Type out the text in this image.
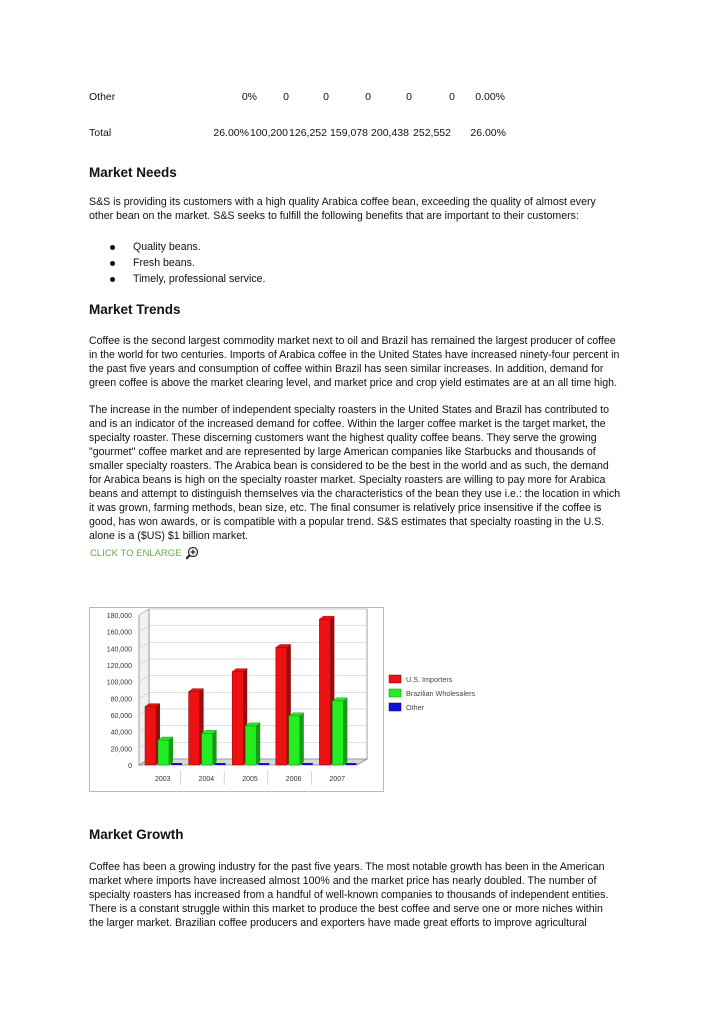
Other	0%	0	0	0	0	0	0.00%
Total	26.00% 100,200 126,252 159,078 200,438 252,552	26.00%
Market Needs
S&S is providing its customers with a high quality Arabica coffee bean, exceeding the quality of almost every
other bean on the market. S&S seeks to fulfill the following benefits that are important to their customers:
Quality beans.
Fresh beans.
Timely, professional service.
Market Trends
Coffee is the second largest commodity market next to oil and Brazil has remained the largest producer of coffee
in the world for two centuries. Imports of Arabica coffee in the United States have increased ninety-four percent in
the past five years and consumption of coffee within Brazil has seen similar increases. In addition, demand for
green coffee is above the market clearing level, and market price and crop yield estimates are at an all time high.
The increase in the number of independent specialty roasters in the United States and Brazil has contributed to
and is an indicator of the increased demand for coffee. Within the larger coffee market is the target market, the
specialty roaster. These discerning customers want the highest quality coffee beans. They serve the growing
"gourmet" coffee market and are represented by large American companies like Starbucks and thousands of
smaller specialty roasters. The Arabica bean is considered to be the best in the world and as such, the demand
for Arabica beans is high on the specialty roaster market. Specialty roasters are willing to pay more for Arabica
beans and attempt to distinguish themselves via the characteristics of the bean they use i.e.: the location in which
it was grown, farming methods, bean size, etc. The final consumer is relatively price insensitive if the coffee is
good, has won awards, or is compatible with a popular trend. S&S estimates that specialty roasting in the U.S.
alone is a ($US) $1 billion market.
CLICK TO ENLARGE
180,000
160,000
140,000
120,000
100,000
80,000
60,000
40,000
20,000
0
2003	2004	2005	2006	2007
U.S. Importers
Brazilian Wholesalers
Other
Market Growth
Coffee has been a growing industry for the past five years. The most notable growth has been in the American
market where imports have increased almost 100% and the market price has nearly doubled. The number of
specialty roasters has increased from a handful of well-known companies to thousands of independent entities.
There is a constant struggle within this market to produce the best coffee and serve one or more niches within
the larger market. Brazilian coffee producers and exporters have made great efforts to improve agricultural
